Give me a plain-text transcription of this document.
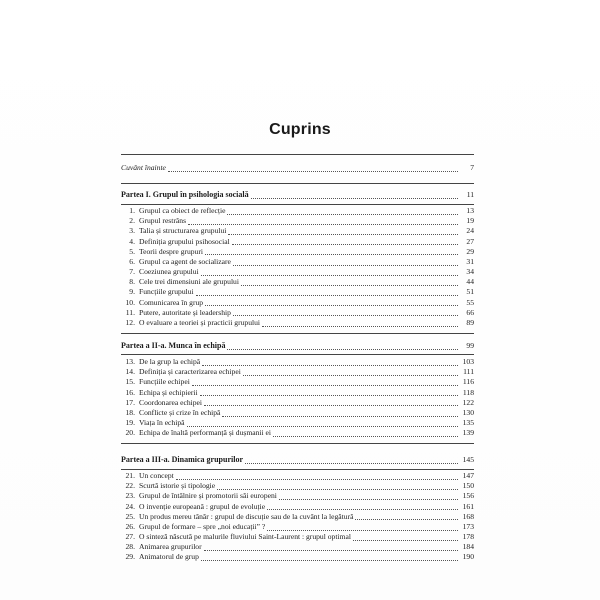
Cuprins
Cuvânt înainte	7
Partea I. Grupul în psihologia socială	11
1. Grupul ca obiect de reflecție	13
2. Grupul restrâns	19
3. Talia și structurarea grupului	24
4. Definiția grupului psihosocial	27
5. Teorii despre grupuri	29
6. Grupul ca agent de socializare	31
7. Coeziunea grupului	34
8. Cele trei dimensiuni ale grupului	44
9. Funcțiile grupului	51
10. Comunicarea în grup	55
11. Putere, autoritate și leadership	66
12. O evaluare a teoriei și practicii grupului	89
Partea a II-a. Munca în echipă	99
13. De la grup la echipă	103
14. Definiția și caracterizarea echipei	111
15. Funcțiile echipei	116
16. Echipa și echipierii	118
17. Coordonarea echipei	122
18. Conflicte și crize în echipă	130
19. Viața în echipă	135
20. Echipa de înaltă performanță și dușmanii ei	139
Partea a III-a. Dinamica grupurilor	145
21. Un concept	147
22. Scurtă istorie și tipologie	150
23. Grupul de întâlnire și promotorii săi europeni	156
24. O invenție europeană : grupul de evoluție	161
25. Un produs mereu tânăr : grupul de discuție sau de la cuvânt la legătură	168
26. Grupul de formare – spre „noi educații” ?	173
27. O sinteză născută pe malurile fluviului Saint-Laurent : grupul optimal	178
28. Animarea grupurilor	184
29. Animatorul de grup	190
